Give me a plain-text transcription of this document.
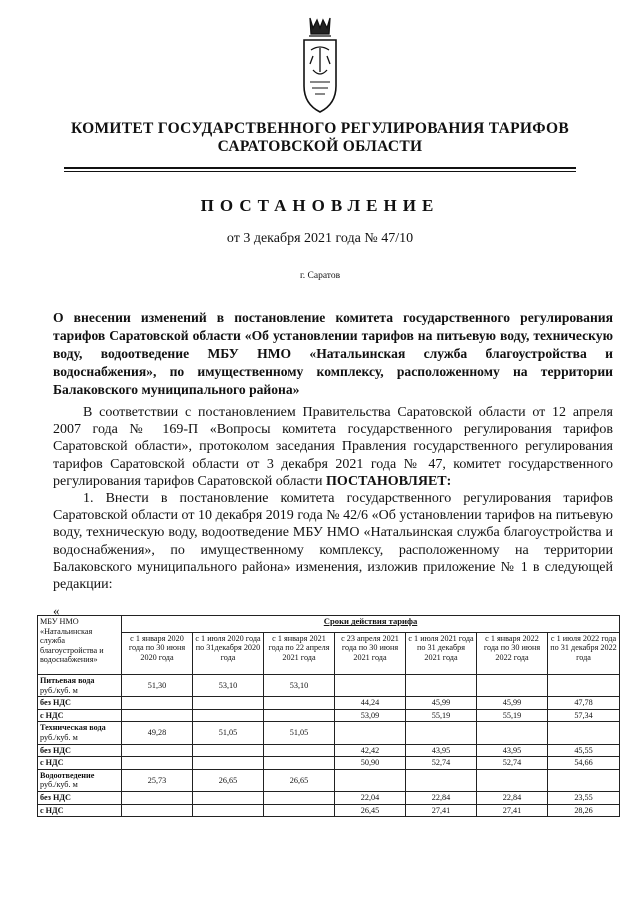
КОМИТЕТ ГОСУДАРСТВЕННОГО РЕГУЛИРОВАНИЯ ТАРИФОВ
САРАТОВСКОЙ ОБЛАСТИ
ПОСТАНОВЛЕНИЕ
от 3 декабря 2021 года № 47/10
г. Саратов
О внесении изменений в постановление комитета государственного регулирования тарифов Саратовской области «Об установлении тарифов на питьевую воду, техническую воду, водоотведение МБУ НМО «Натальинская служба благоустройства и водоснабжения», по имущественному комплексу, расположенному на территории Балаковского муниципального района»

В соответствии с постановлением Правительства Саратовской области от 12 апреля 2007 года № 169-П «Вопросы комитета государственного регулирования тарифов Саратовской области», протоколом заседания Правления государственного регулирования тарифов Саратовской области от 3 декабря 2021 года № 47, комитет государственного регулирования тарифов Саратовской области ПОСТАНОВЛЯЕТ:

1. Внести в постановление комитета государственного регулирования тарифов Саратовской области от 10 декабря 2019 года № 42/6 «Об установлении тарифов на питьевую воду, техническую воду, водоотведение МБУ НМО «Натальинская служба благоустройства и водоснабжения», по имущественному комплексу, расположенному на территории Балаковского муниципального района» изменения, изложив приложение № 1 в следующей редакции:

«
МБУ НМО «Натальинская служба благоустройства и водоснабжения»	Сроки действия тарифа						
	с 1 января 2020 года по 30 июня 2020 года	с 1 июля 2020 года по 31декабря 2020 года	с 1 января 2021 года по 22 апреля 2021 года	с 23 апреля 2021 года по 30 июня 2021 года	с 1 июля 2021 года по 31 декабря 2021 года	с 1 января 2022 года по 30 июня 2022 года	с 1 июля 2022 года по 31 декабря 2022 года

Питьевая вода
руб./куб. м	51,30	53,10	53,10				

без НДС				44,24	45,99	45,99	47,78

с НДС				53,09	55,19	55,19	57,34

Техническая вода
руб./куб. м	49,28	51,05	51,05				

без НДС				42,42	43,95	43,95	45,55

с НДС				50,90	52,74	52,74	54,66

Водоотведение
руб./куб. м	25,73	26,65	26,65				

без НДС				22,04	22,84	22,84	23,55

с НДС				26,45	27,41	27,41	28,26
